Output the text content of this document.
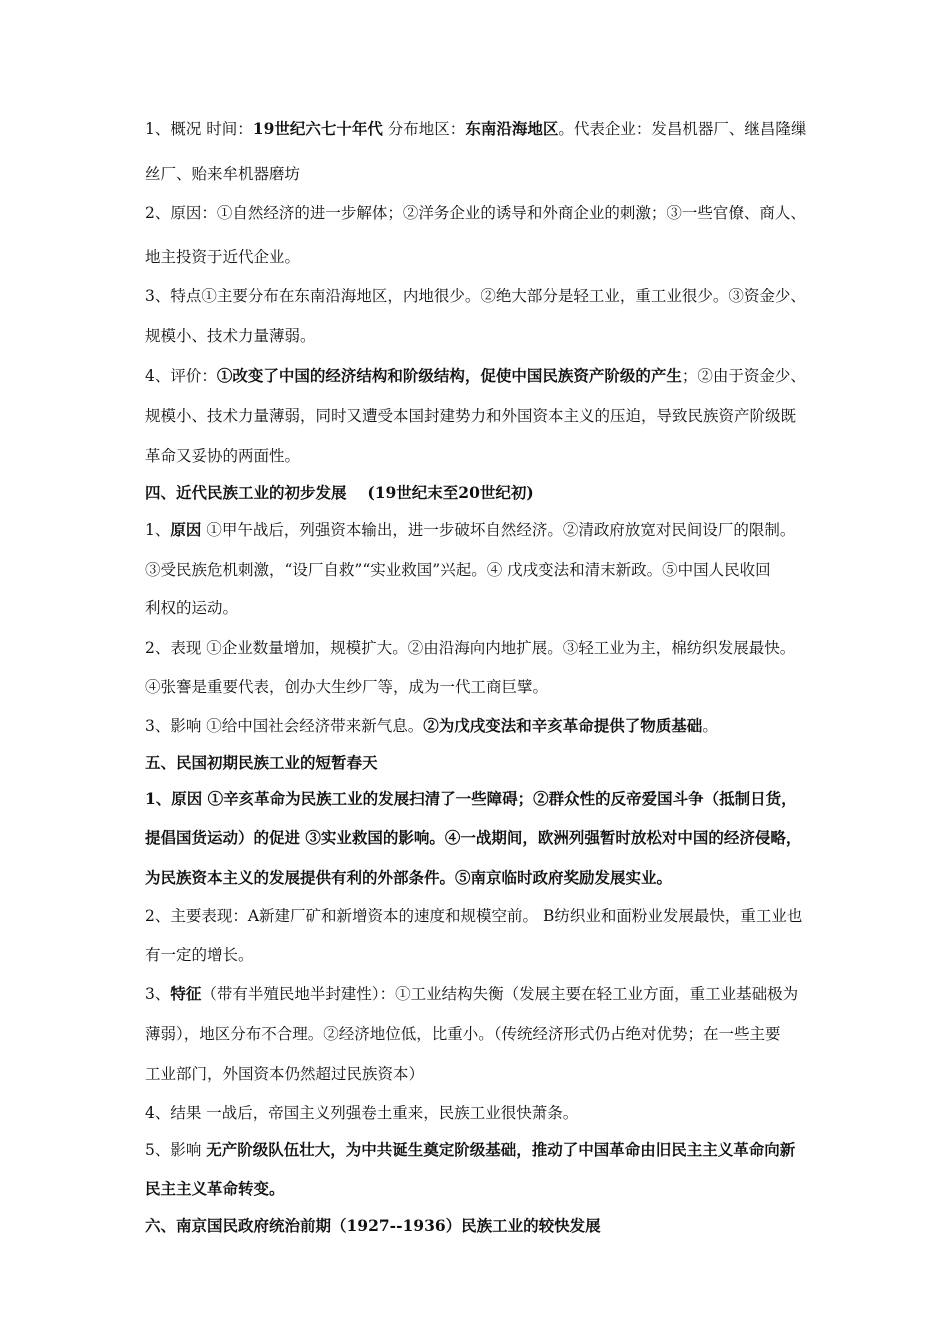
1、概况 时间：19世纪六七十年代 分布地区：东南沿海地区。代表企业：发昌机器厂、继昌隆缫
丝厂、贻来牟机器磨坊
2、原因：①自然经济的进一步解体；②洋务企业的诱导和外商企业的刺激；③一些官僚、商人、
地主投资于近代企业。
3、特点①主要分布在东南沿海地区，内地很少。②绝大部分是轻工业，重工业很少。③资金少、
规模小、技术力量薄弱。
4、评价：①改变了中国的经济结构和阶级结构，促使中国民族资产阶级的产生；②由于资金少、
规模小、技术力量薄弱，同时又遭受本国封建势力和外国资本主义的压迫，导致民族资产阶级既
革命又妥协的两面性。
四、近代民族工业的初步发展　 (19世纪末至20世纪初)
1、原因 ①甲午战后，列强资本输出，进一步破坏自然经济。②清政府放宽对民间设厂的限制。
③受民族危机刺激，“设厂自救”“实业救国”兴起。④ 戊戌变法和清末新政。⑤中国人民收回
利权的运动。
2、表现 ①企业数量增加，规模扩大。②由沿海向内地扩展。③轻工业为主，棉纺织发展最快。
④张謇是重要代表，创办大生纱厂等，成为一代工商巨擘。
3、影响 ①给中国社会经济带来新气息。②为戊戌变法和辛亥革命提供了物质基础。
五、民国初期民族工业的短暂春天
1、原因 ①辛亥革命为民族工业的发展扫清了一些障碍；②群众性的反帝爱国斗争（抵制日货，
提倡国货运动）的促进 ③实业救国的影响。④一战期间，欧洲列强暂时放松对中国的经济侵略，
为民族资本主义的发展提供有利的外部条件。⑤南京临时政府奖励发展实业。
2、主要表现：A新建厂矿和新增资本的速度和规模空前。 B纺织业和面粉业发展最快，重工业也
有一定的增长。
3、特征（带有半殖民地半封建性）：①工业结构失衡（发展主要在轻工业方面，重工业基础极为
薄弱），地区分布不合理。②经济地位低，比重小。（传统经济形式仍占绝对优势；在一些主要
工业部门，外国资本仍然超过民族资本）
4、结果 一战后，帝国主义列强卷土重来，民族工业很快萧条。
5、影响 无产阶级队伍壮大，为中共诞生奠定阶级基础，推动了中国革命由旧民主主义革命向新
民主主义革命转变。
六、南京国民政府统治前期（1927--1936）民族工业的较快发展
